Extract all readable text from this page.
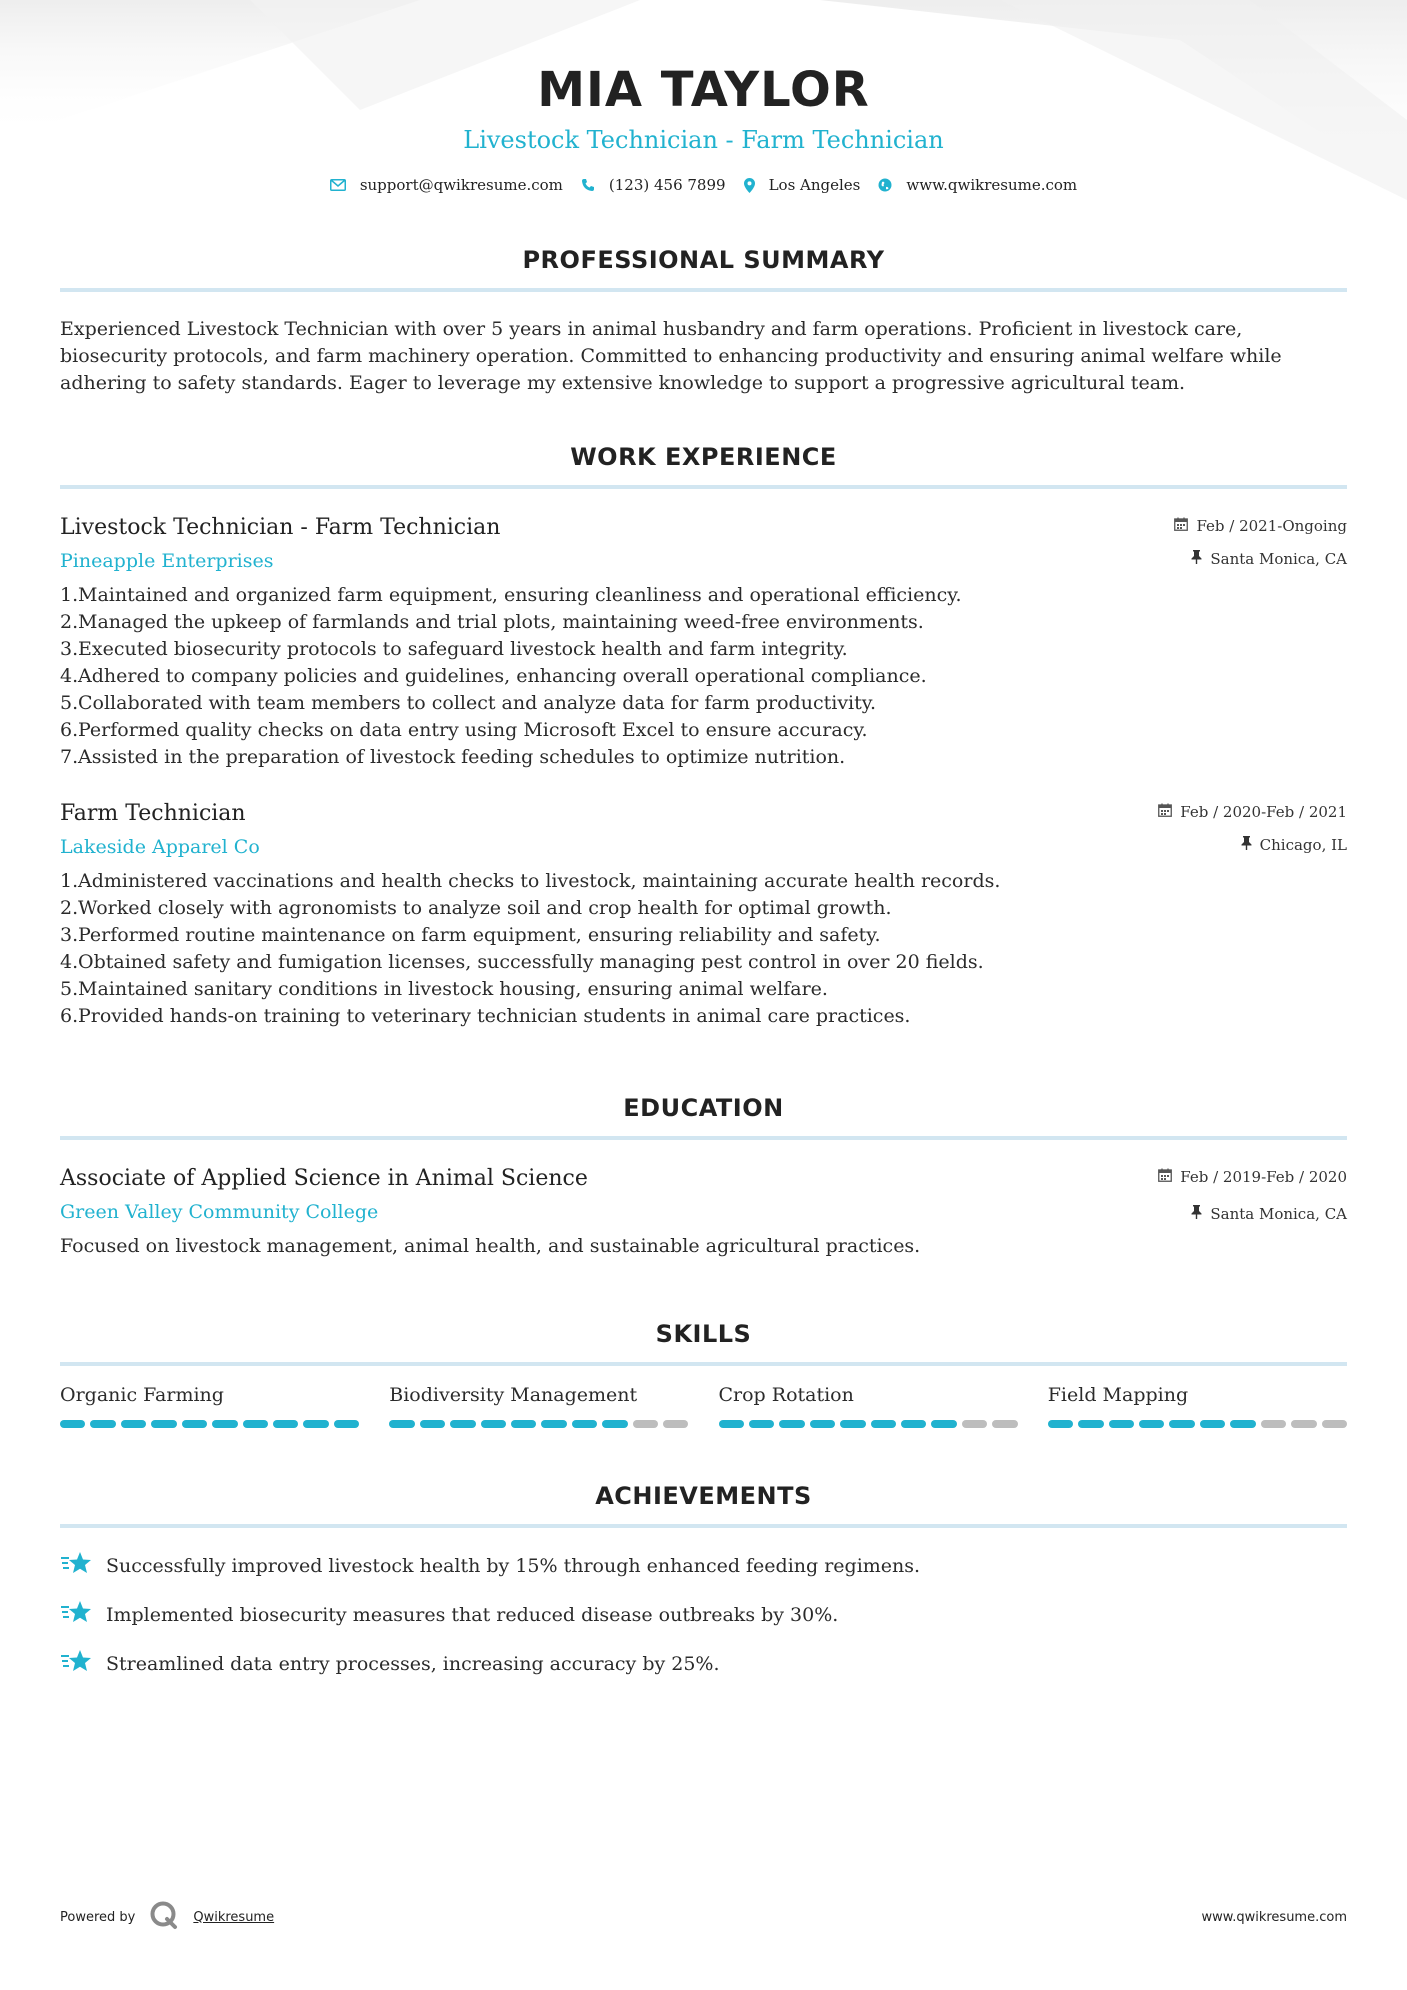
MIA TAYLOR
Livestock Technician - Farm Technician
support@qwikresume.com	(123) 456 7899	Los Angeles	www.qwikresume.com
PROFESSIONAL SUMMARY

Experienced Livestock Technician with over 5 years in animal husbandry and farm operations. Proficient in livestock care, biosecurity protocols, and farm machinery operation. Committed to enhancing productivity and ensuring animal welfare while adhering to safety standards. Eager to leverage my extensive knowledge to support a progressive agricultural team.

WORK EXPERIENCE
Livestock Technician - Farm Technician
Pineapple Enterprises
Feb / 2021-Ongoing
Santa Monica, CA
1. Maintained and organized farm equipment, ensuring cleanliness and operational efficiency.
2. Managed the upkeep of farmlands and trial plots, maintaining weed-free environments.
3. Executed biosecurity protocols to safeguard livestock health and farm integrity.
4. Adhered to company policies and guidelines, enhancing overall operational compliance.
5. Collaborated with team members to collect and analyze data for farm productivity.
6. Performed quality checks on data entry using Microsoft Excel to ensure accuracy.
7. Assisted in the preparation of livestock feeding schedules to optimize nutrition.
Farm Technician
Lakeside Apparel Co
Feb / 2020-Feb / 2021
Chicago, IL
1. Administered vaccinations and health checks to livestock, maintaining accurate health records.
2. Worked closely with agronomists to analyze soil and crop health for optimal growth.
3. Performed routine maintenance on farm equipment, ensuring reliability and safety.
4. Obtained safety and fumigation licenses, successfully managing pest control in over 20 fields.
5. Maintained sanitary conditions in livestock housing, ensuring animal welfare.
6. Provided hands-on training to veterinary technician students in animal care practices.
EDUCATION
Associate of Applied Science in Animal Science
Green Valley Community College
Feb / 2019-Feb / 2020
Santa Monica, CA

Focused on livestock management, animal health, and sustainable agricultural practices.

SKILLS
Organic Farming	Biodiversity Management	Crop Rotation	Field Mapping
ACHIEVEMENTS
Successfully improved livestock health by 15% through enhanced feeding regimens.
Implemented biosecurity measures that reduced disease outbreaks by 30%.
Streamlined data entry processes, increasing accuracy by 25%.
Powered by	Qwikresume	www.qwikresume.com
